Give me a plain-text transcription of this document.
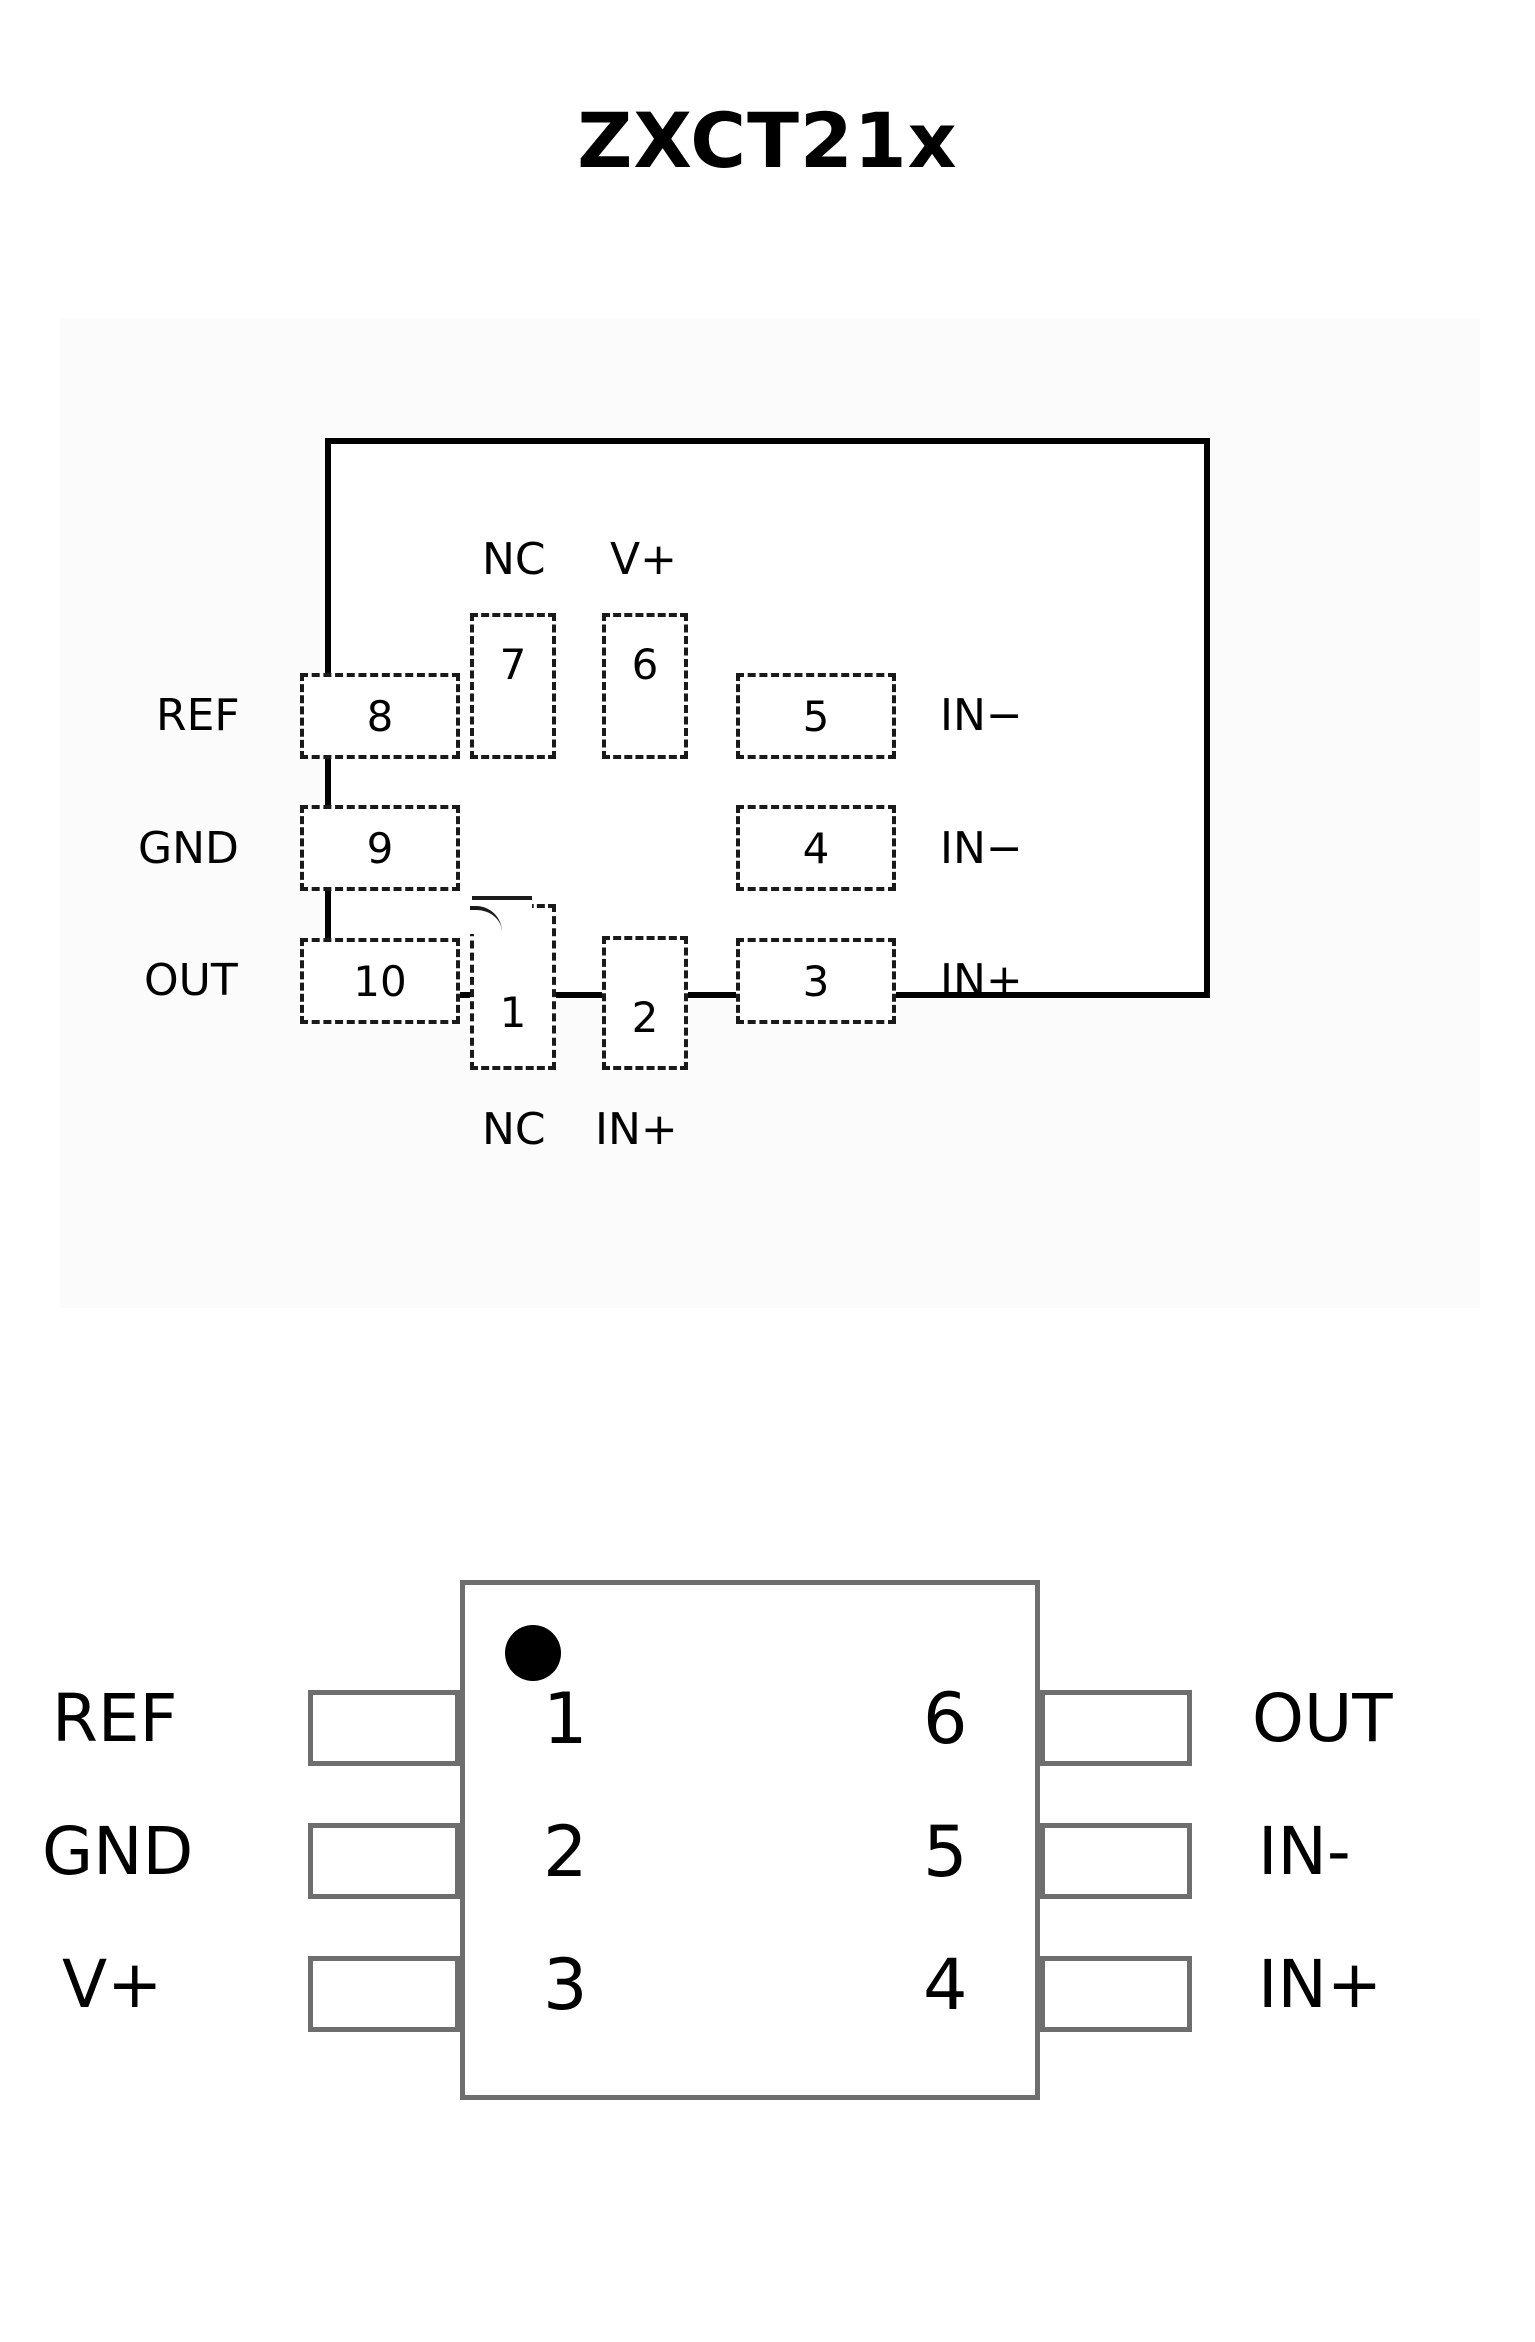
ZXCT21x
NC V+
REF
GND
OUT
IN−
IN−
IN+
NC IN+
8
9
10
5
4
3
7	6
1	2
1
2
3
6
5
4
REF
GND
V+
OUT
IN-
IN+
